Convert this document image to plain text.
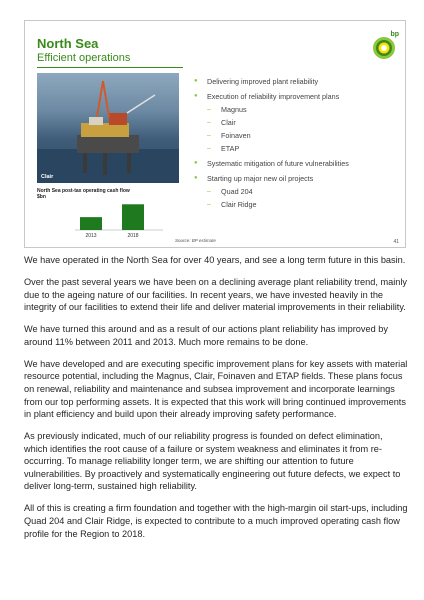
North Sea
Efficient operations
bp
Clair
North Sea post-tax operating cash flow
$bn
2013	2018
Source: BP estimate	41
● Delivering improved plant reliability
● Execution of reliability improvement plans
– Magnus
– Clair
– Foinaven
– ETAP
● Systematic mitigation of future vulnerabilities
● Starting up major new oil projects
– Quad 204
– Clair Ridge

We have operated in the North Sea for over 40 years, and see a long term future in this basin.

Over the past several years we have been on a declining average plant reliability trend, mainly due to the ageing nature of our facilities. In recent years, we have invested heavily in the integrity of our facilities to extend their life and deliver material improvements in their reliability.

We have turned this around and as a result of our actions plant reliability has improved by around 11% between 2011 and 2013. Much more remains to be done.

We have developed and are executing specific improvement plans for key assets with material resource potential, including the Magnus, Clair, Foinaven and ETAP fields. These plans focus on renewal, reliability and maintenance and subsea improvement and incorporate learnings from our top performing assets. It is expected that this work will bring continued improvements in plant efficiency and build upon their already improving safety performance.

As previously indicated, much of our reliability progress is founded on defect elimination, which identifies the root cause of a failure or system weakness and eliminates it from re-occurring. To manage reliability longer term, we are shifting our attention to future vulnerabilities. By proactively and systematically engineering out future defects, we expect to deliver long-term, sustained high reliability.

All of this is creating a firm foundation and together with the high-margin oil start-ups, including Quad 204 and Clair Ridge, is expected to contribute to a much improved operating cash flow profile for the Region to 2018.
